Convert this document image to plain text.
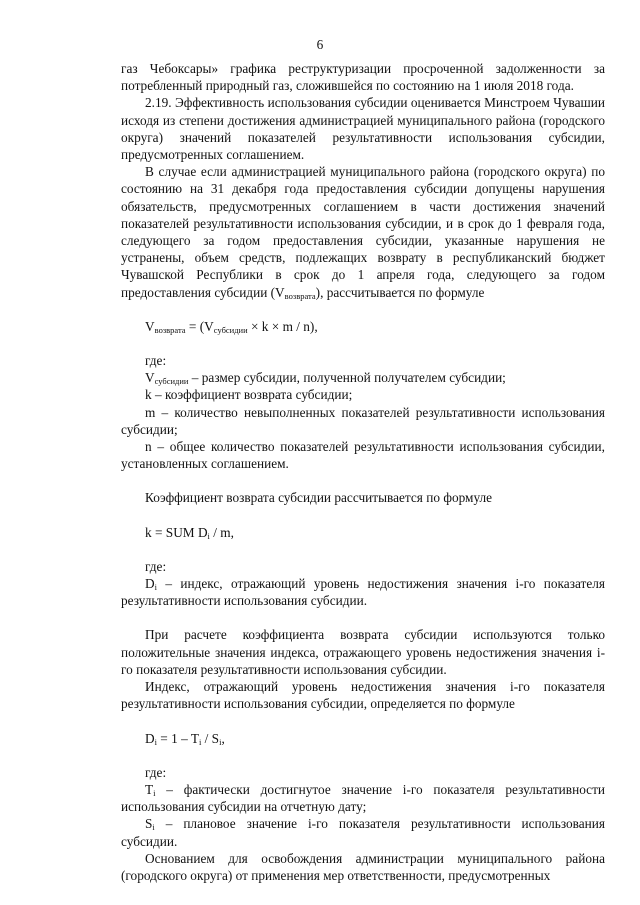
6

газ Чебоксары» графика реструктуризации просроченной задолженности за потребленный природный газ, сложившейся по состоянию на 1 июля 2018 года.

2.19. Эффективность использования субсидии оценивается Минстроем Чувашии исходя из степени достижения администрацией муниципального района (городского округа) значений показателей результативности использования субсидии, предусмотренных соглашением.

В случае если администрацией муниципального района (городского округа) по состоянию на 31 декабря года предоставления субсидии допущены нарушения обязательств, предусмотренных соглашением в части достижения значений показателей результативности использования субсидии, и в срок до 1 февраля года, следующего за годом предоставления субсидии, указанные нарушения не устранены, объем средств, подлежащих возврату в республиканский бюджет Чувашской Республики в срок до 1 апреля года, следующего за годом предоставления субсидии $(V_{возврата})$, рассчитывается по формуле

$V_{возврата} = (V_{субсидии} \times k \times m / n)$,

где:

$V_{субсидии}$ – размер субсидии, полученной получателем субсидии;

k – коэффициент возврата субсидии;

m – количество невыполненных показателей результативности использования субсидии;

n – общее количество показателей результативности использования субсидии, установленных соглашением.

Коэффициент возврата субсидии рассчитывается по формуле

k = SUM $D_i$ / m,

где:

$D_i$ – индекс, отражающий уровень недостижения значения i-го показателя результативности использования субсидии.

При расчете коэффициента возврата субсидии используются только положительные значения индекса, отражающего уровень недостижения значения i-го показателя результативности использования субсидии.

Индекс, отражающий уровень недостижения значения i-го показателя результативности использования субсидии, определяется по формуле

$D_i = 1 - T_i / S_i$,

где:

$T_i$ – фактически достигнутое значение i-го показателя результативности использования субсидии на отчетную дату;

$S_i$ – плановое значение i-го показателя результативности использования субсидии.

Основанием для освобождения администрации муниципального района (городского округа) от применения мер ответственности, предусмотренных
